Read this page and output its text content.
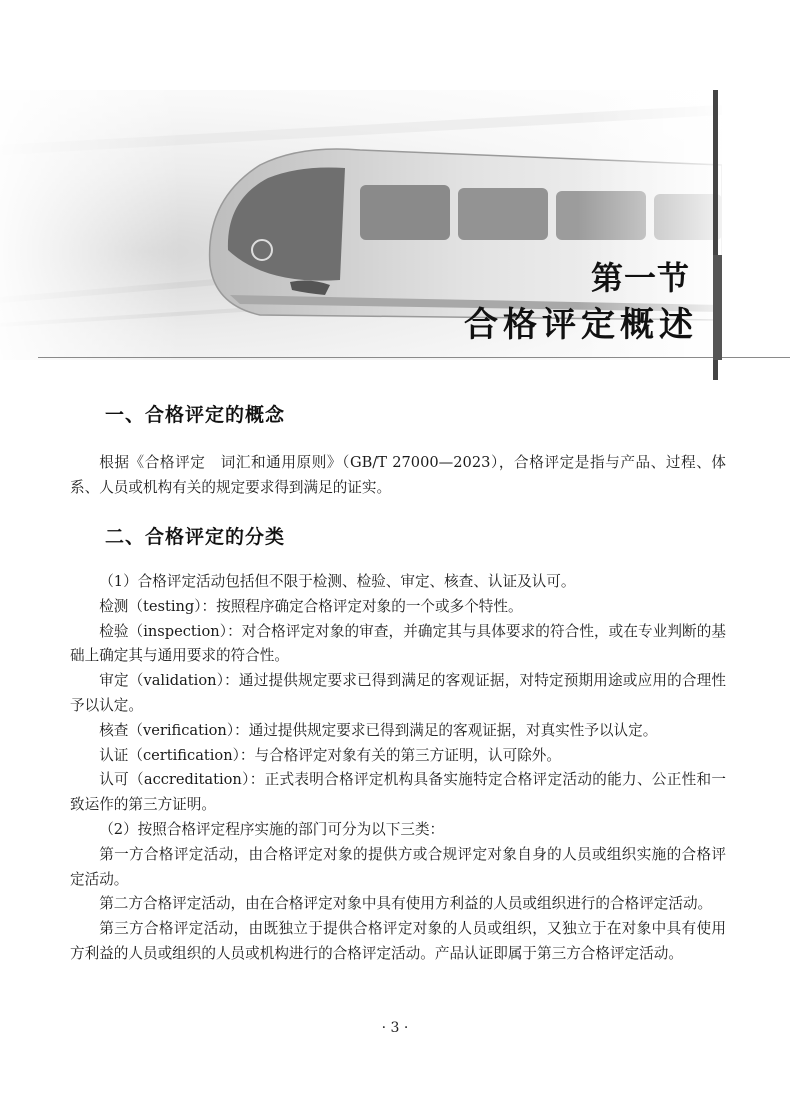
第一节
合格评定概述
一、合格评定的概念

根据《合格评定　词汇和通用原则》（GB/T 27000—2023），合格评定是指与产品、过程、体系、人员或机构有关的规定要求得到满足的证实。

二、合格评定的分类

（1）合格评定活动包括但不限于检测、检验、审定、核查、认证及认可。

检测（testing）：按照程序确定合格评定对象的一个或多个特性。

检验（inspection）：对合格评定对象的审查，并确定其与具体要求的符合性，或在专业判断的基础上确定其与通用要求的符合性。

审定（validation）：通过提供规定要求已得到满足的客观证据，对特定预期用途或应用的合理性予以认定。

核查（verification）：通过提供规定要求已得到满足的客观证据，对真实性予以认定。

认证（certification）：与合格评定对象有关的第三方证明，认可除外。

认可（accreditation）：正式表明合格评定机构具备实施特定合格评定活动的能力、公正性和一致运作的第三方证明。

（2）按照合格评定程序实施的部门可分为以下三类：

第一方合格评定活动，由合格评定对象的提供方或合规评定对象自身的人员或组织实施的合格评定活动。

第二方合格评定活动，由在合格评定对象中具有使用方利益的人员或组织进行的合格评定活动。

第三方合格评定活动，由既独立于提供合格评定对象的人员或组织，又独立于在对象中具有使用方利益的人员或组织的人员或机构进行的合格评定活动。产品认证即属于第三方合格评定活动。

· 3 ·
